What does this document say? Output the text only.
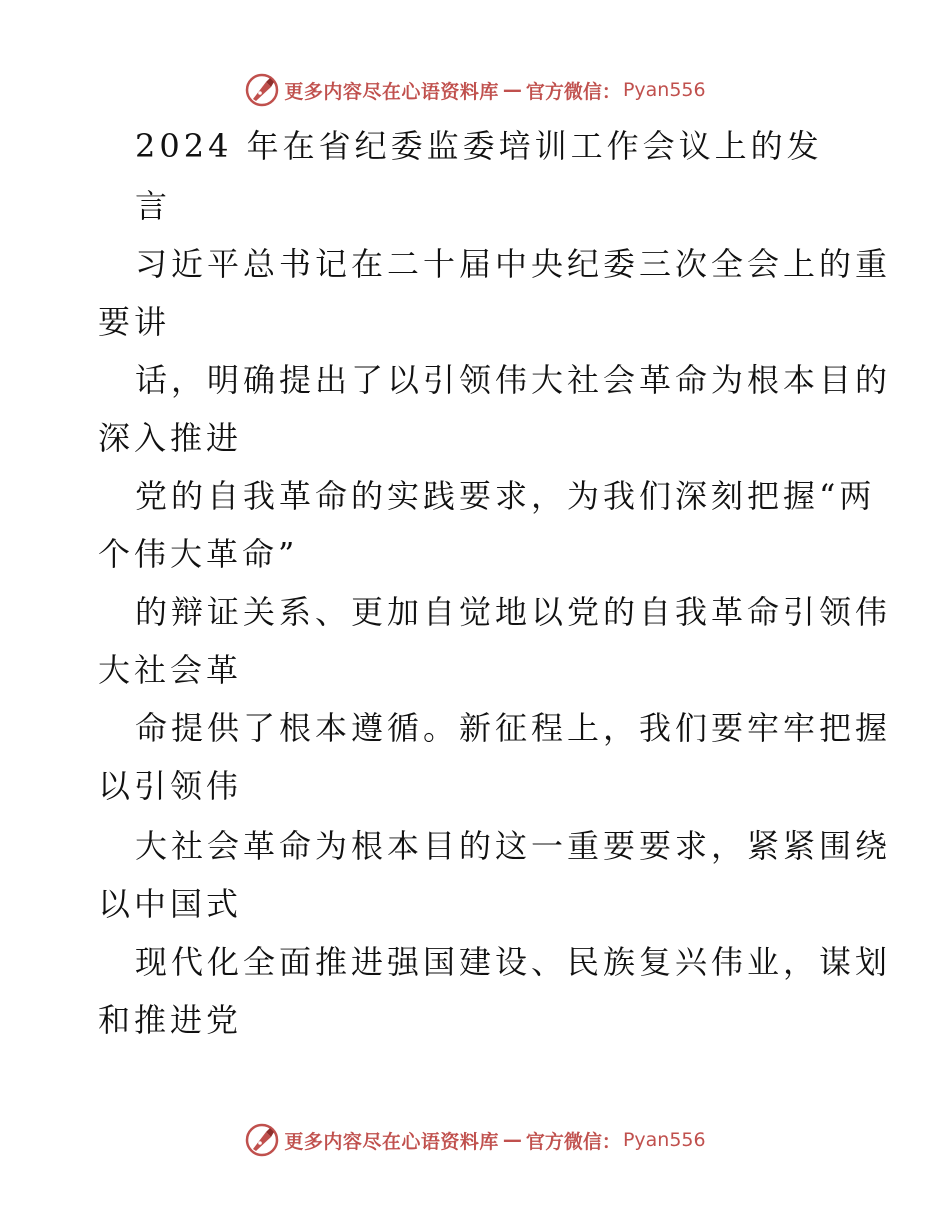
更多内容尽在心语资料库 — 官方微信： Pyan556
2024 年在省纪委监委培训工作会议上的发
言
习近平总书记在二十届中央纪委三次全会上的重
要讲
话，明确提出了以引领伟大社会革命为根本目的
深入推进
党的自我革命的实践要求，为我们深刻把握“两
个伟大革命”
的辩证关系、更加自觉地以党的自我革命引领伟
大社会革
命提供了根本遵循。新征程上，我们要牢牢把握
以引领伟
大社会革命为根本目的这一重要要求，紧紧围绕
以中国式
现代化全面推进强国建设、民族复兴伟业，谋划
和推进党
更多内容尽在心语资料库 — 官方微信： Pyan556
